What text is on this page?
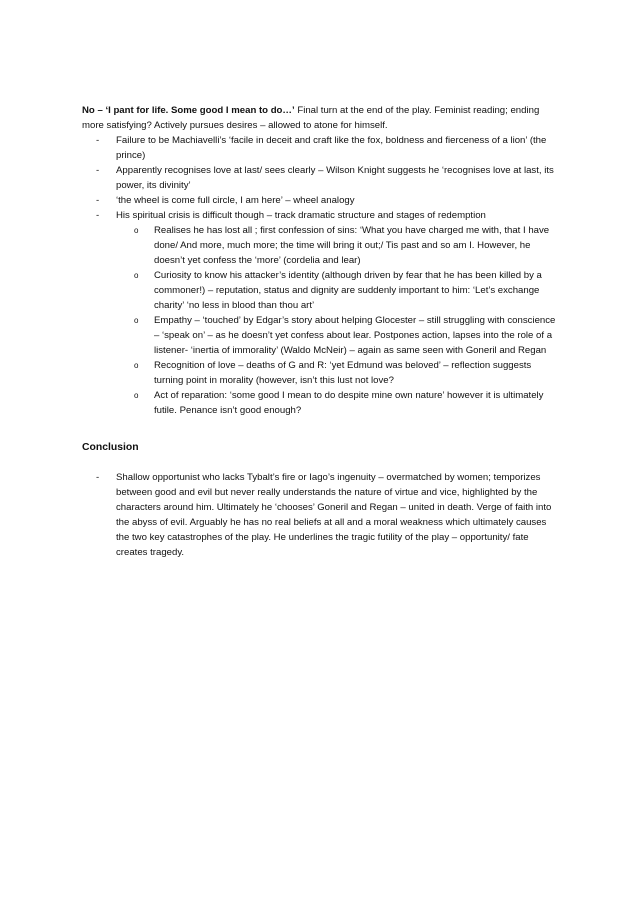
No – ‘I pant for life. Some good I mean to do…’ Final turn at the end of the play. Feminist reading; ending more satisfying? Actively pursues desires – allowed to atone for himself.

- Failure to be Machiavelli’s ‘facile in deceit and craft like the fox, boldness and fierceness of a lion’ (the prince)
- Apparently recognises love at last/ sees clearly – Wilson Knight suggests he ‘recognises love at last, its power, its divinity’
- ‘the wheel is come full circle, I am here’ – wheel analogy
- His spiritual crisis is difficult though – track dramatic structure and stages of redemption
o Realises he has lost all ; first confession of sins: ‘What you have charged me with, that I have done/ And more, much more; the time will bring it out;/ Tis past and so am I. However, he doesn’t yet confess the ‘more’ (cordelia and lear)
o Curiosity to know his attacker’s identity (although driven by fear that he has been killed by a commoner!) – reputation, status and dignity are suddenly important to him: ‘Let’s exchange charity’ ‘no less in blood than thou art’
o Empathy – ‘touched’ by Edgar’s story about helping Glocester – still struggling with conscience – ‘speak on’ – as he doesn’t yet confess about lear. Postpones action, lapses into the role of a listener- ‘inertia of immorality’ (Waldo McNeir) – again as same seen with Goneril and Regan
o Recognition of love – deaths of G and R: ‘yet Edmund was beloved’ – reflection suggests turning point in morality (however, isn’t this lust not love?
o Act of reparation: ‘some good I mean to do despite mine own nature’ however it is ultimately futile. Penance isn’t good enough?
Conclusion
- Shallow opportunist who lacks Tybalt’s fire or Iago’s ingenuity – overmatched by women; temporizes between good and evil but never really understands the nature of virtue and vice, highlighted by the characters around him. Ultimately he ‘chooses’ Goneril and Regan – united in death. Verge of faith into the abyss of evil. Arguably he has no real beliefs at all and a moral weakness which ultimately causes the two key catastrophes of the play. He underlines the tragic futility of the play – opportunity/ fate creates tragedy.
